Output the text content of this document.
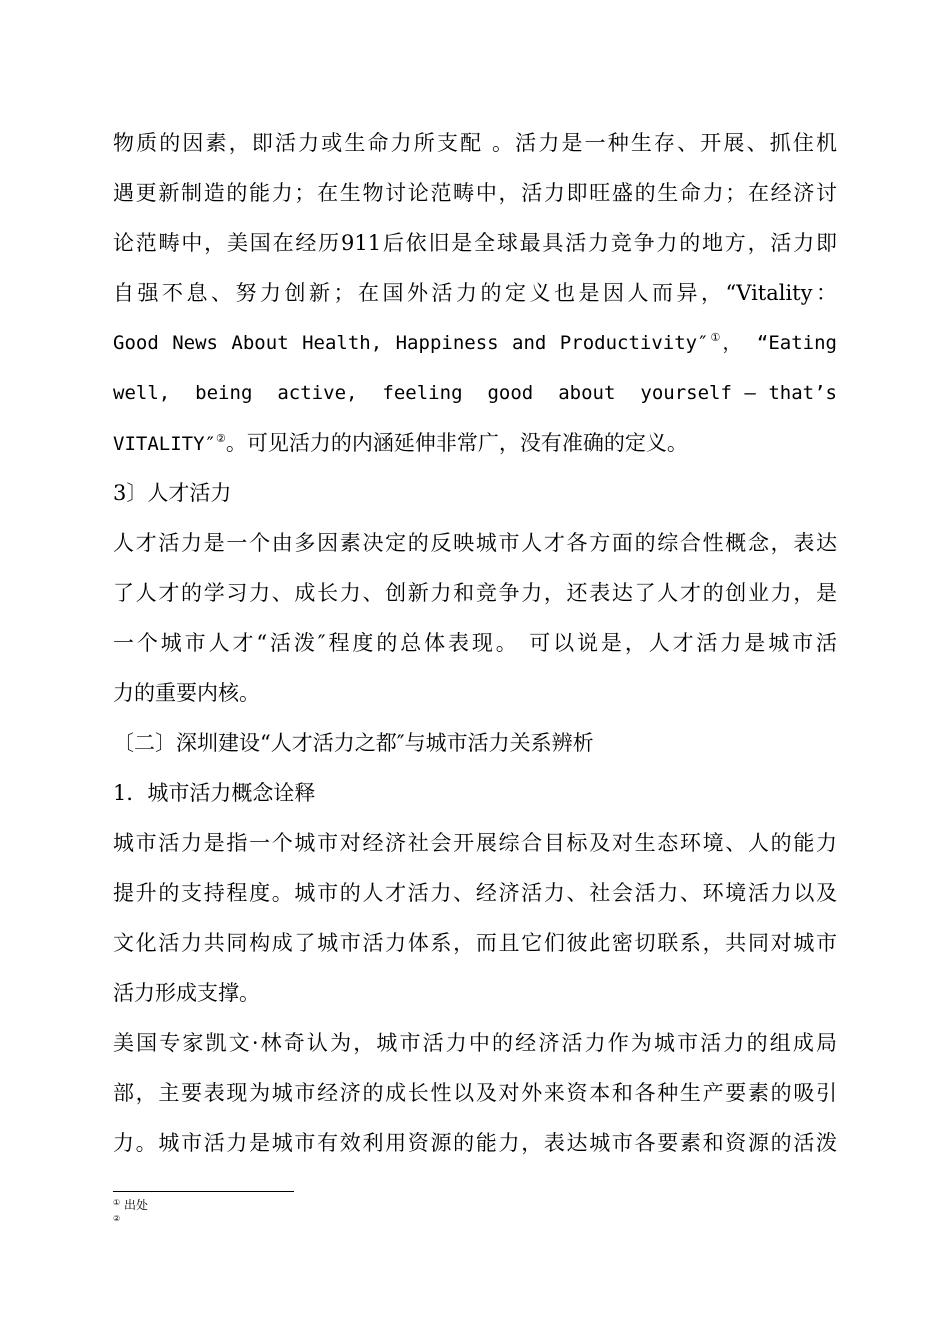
物质的因素，即活力或生命力所支配 。活力是一种生存、开展、抓住机
遇更新制造的能力；在生物讨论范畴中，活力即旺盛的生命力；在经济讨
论范畴中，美国在经历911后依旧是全球最具活力竞争力的地方，活力即
自强不息、努力创新；在国外活力的定义也是因人而异，“Vitality：
Good News About Health, Happiness and Productivity″①， “Eating
well,  being  active,  feeling  good  about  yourself – that’s
VITALITY″②。可见活力的内涵延伸非常广，没有准确的定义。
3〕人才活力
人才活力是一个由多因素决定的反映城市人才各方面的综合性概念，表达
了人才的学习力、成长力、创新力和竞争力，还表达了人才的创业力，是
一个城市人才“活泼″程度的总体表现。 可以说是，人才活力是城市活
力的重要内核。
〔二〕深圳建设“人才活力之都″与城市活力关系辨析
1．城市活力概念诠释
城市活力是指一个城市对经济社会开展综合目标及对生态环境、人的能力
提升的支持程度。城市的人才活力、经济活力、社会活力、环境活力以及
文化活力共同构成了城市活力体系，而且它们彼此密切联系，共同对城市
活力形成支撑。
美国专家凯文·林奇认为，城市活力中的经济活力作为城市活力的组成局
部，主要表现为城市经济的成长性以及对外来资本和各种生产要素的吸引
力。城市活力是城市有效利用资源的能力，表达城市各要素和资源的活泼
① 出处
②
